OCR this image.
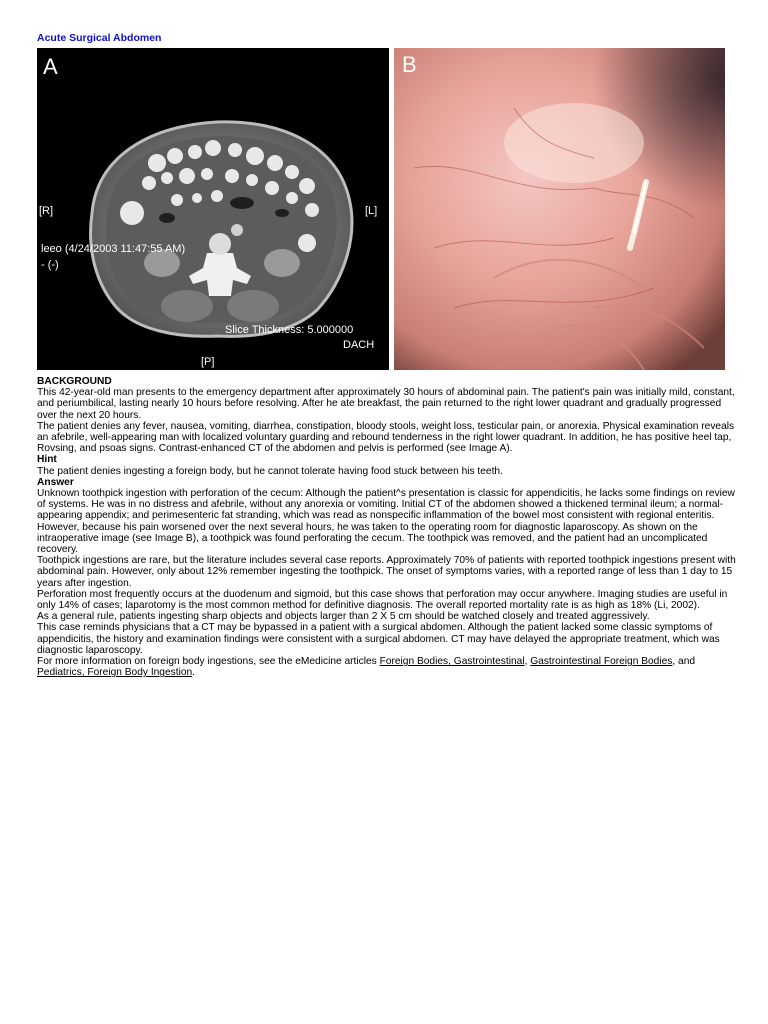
Acute Surgical Abdomen
A
[R]	[L]
leeo (4/24/2003 11:47:55 AM)
- (-)
Slice Thickness: 5.000000
DACH
[P]
B

BACKGROUND

This 42-year-old man presents to the emergency department after approximately 30 hours of abdominal pain. The patient's pain was initially mild, constant, and periumbilical, lasting nearly 10 hours before resolving. After he ate breakfast, the pain returned to the right lower quadrant and gradually progressed over the next 20 hours.

The patient denies any fever, nausea, vomiting, diarrhea, constipation, bloody stools, weight loss, testicular pain, or anorexia. Physical examination reveals an afebrile, well-appearing man with localized voluntary guarding and rebound tenderness in the right lower quadrant. In addition, he has positive heel tap, Rovsing, and psoas signs. Contrast-enhanced CT of the abdomen and pelvis is performed (see Image A).

Hint

The patient denies ingesting a foreign body, but he cannot tolerate having food stuck between his teeth.

Answer

Unknown toothpick ingestion with perforation of the cecum: Although the patient^s presentation is classic for appendicitis, he lacks some findings on review of systems. He was in no distress and afebrile, without any anorexia or vomiting. Initial CT of the abdomen showed a thickened terminal ileum; a normal-appearing appendix; and perimesenteric fat stranding, which was read as nonspecific inflammation of the bowel most consistent with regional enteritis. However, because his pain worsened over the next several hours, he was taken to the operating room for diagnostic laparoscopy. As shown on the intraoperative image (see Image B), a toothpick was found perforating the cecum. The toothpick was removed, and the patient had an uncomplicated recovery.

Toothpick ingestions are rare, but the literature includes several case reports. Approximately 70% of patients with reported toothpick ingestions present with abdominal pain. However, only about 12% remember ingesting the toothpick. The onset of symptoms varies, with a reported range of less than 1 day to 15 years after ingestion.

Perforation most frequently occurs at the duodenum and sigmoid, but this case shows that perforation may occur anywhere. Imaging studies are useful in only 14% of cases; laparotomy is the most common method for definitive diagnosis. The overall reported mortality rate is as high as 18% (Li, 2002).

As a general rule, patients ingesting sharp objects and objects larger than 2 X 5 cm should be watched closely and treated aggressively.

This case reminds physicians that a CT may be bypassed in a patient with a surgical abdomen. Although the patient lacked some classic symptoms of appendicitis, the history and examination findings were consistent with a surgical abdomen. CT may have delayed the appropriate treatment, which was diagnostic laparoscopy.

For more information on foreign body ingestions, see the eMedicine articles Foreign Bodies, Gastrointestinal, Gastrointestinal Foreign Bodies, and Pediatrics, Foreign Body Ingestion.
